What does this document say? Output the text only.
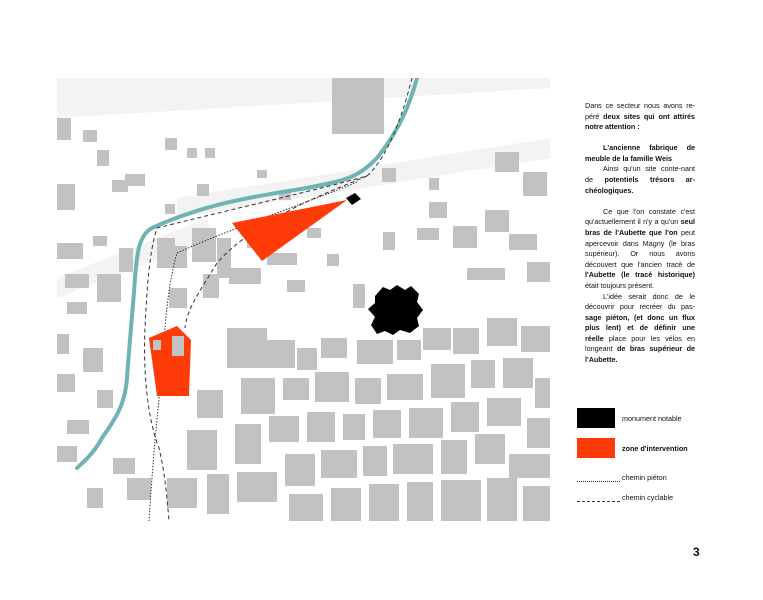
Dans ce secteur nous avons re-péré deux sites qui ont attirés notre attention :

L'ancienne fabrique de meuble de la famille Weis

Ainsi qu'un site conte-nant de potentiels trésors ar-chéologiques.

Ce que l'on constate c'est qu'actuellement il n'y a qu'un seul bras de l'Aubette que l'on peut apercevoir dans Magny (le bras supérieur). Or nous avons découvert que l'ancien tracé de l'Aubette (le tracé historique) était toujours présent.

L'idée serait donc de le découvrir pour recréer du pas-sage piéton, (et donc un flux plus lent) et de définir une réelle place pour les vélos en longeant de bras supérieur de l'Aubette.

monument notable
zone d'intervention
chemin piéton
chemin cyclable
3
